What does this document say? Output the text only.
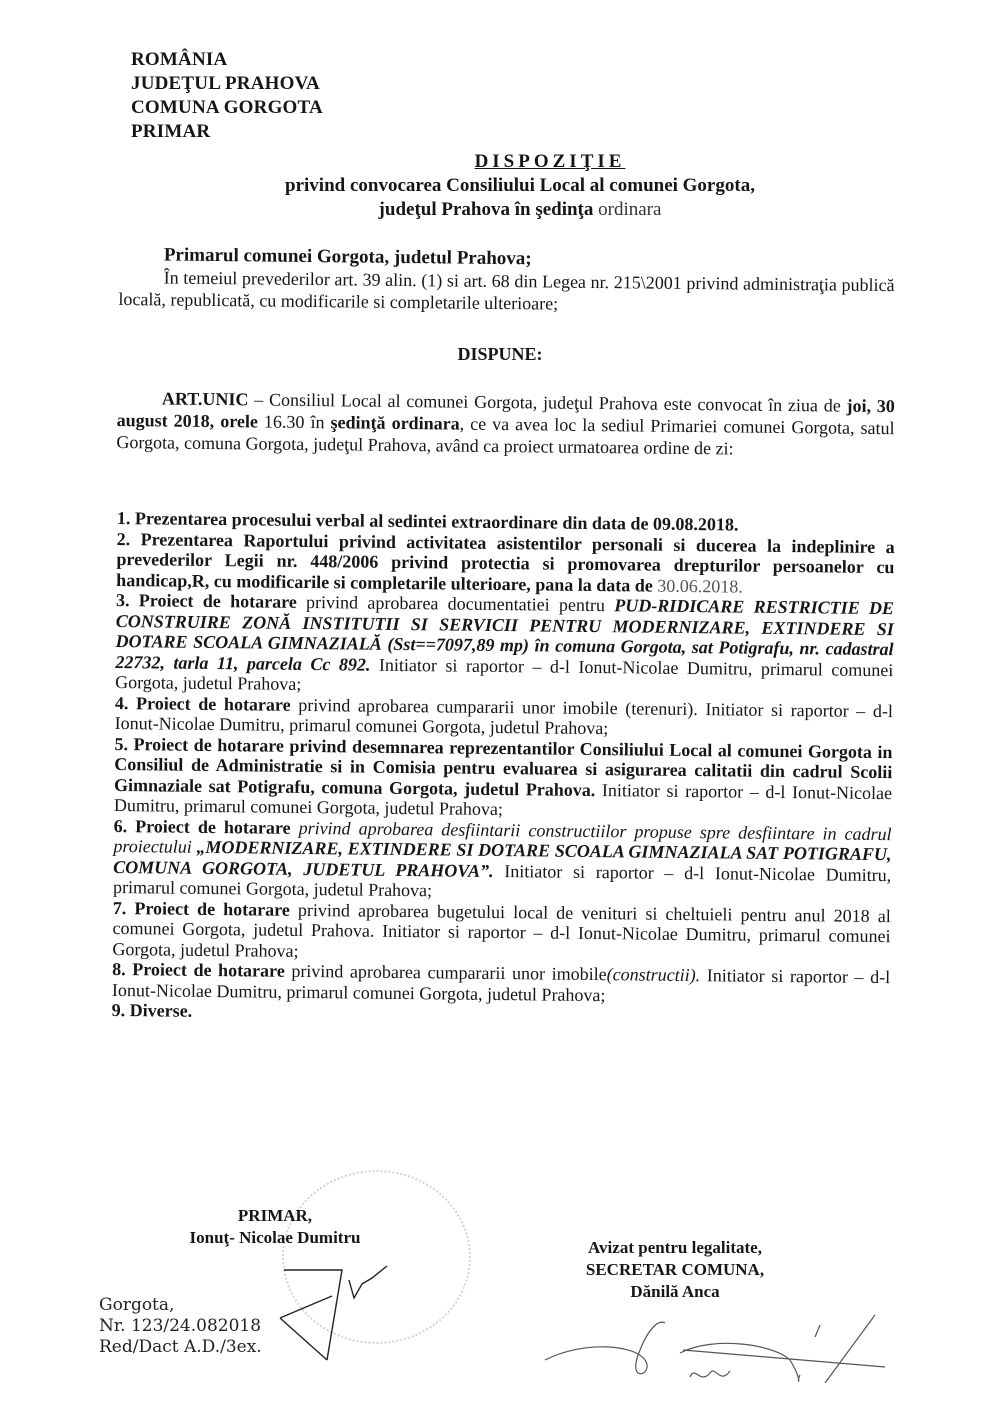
ROMÂNIA
JUDEŢUL PRAHOVA
COMUNA GORGOTA
PRIMAR
DISPOZIŢIE
privind convocarea Consiliului Local al comunei Gorgota,
judeţul Prahova în şedinţa ordinara

Primarul comunei Gorgota, judetul Prahova;

În temeiul prevederilor art. 39 alin. (1) si art. 68 din Legea nr. 215\2001 privind administraţia publică locală, republicată, cu modificarile si completarile ulterioare;

DISPUNE:

ART.UNIC – Consiliul Local al comunei Gorgota, judeţul Prahova este convocat în ziua de joi, 30 august 2018, orele 16.30 în şedinţă ordinara, ce va avea loc la sediul Primariei comunei Gorgota, satul Gorgota, comuna Gorgota, judeţul Prahova, având ca proiect urmatoarea ordine de zi:

1. Prezentarea procesului verbal al sedintei extraordinare din data de 09.08.2018.

2. Prezentarea Raportului privind activitatea asistentilor personali si ducerea la indeplinire a prevederilor Legii nr. 448/2006 privind protectia si promovarea drepturilor persoanelor cu handicap,R, cu modificarile si completarile ulterioare, pana la data de 30.06.2018.

3. Proiect de hotarare privind aprobarea documentatiei pentru PUD-RIDICARE RESTRICTIE DE CONSTRUIRE ZONĂ INSTITUTII SI SERVICII PENTRU MODERNIZARE, EXTINDERE SI DOTARE SCOALA GIMNAZIALĂ (Sst==7097,89 mp) în comuna Gorgota, sat Potigrafu, nr. cadastral 22732, tarla 11, parcela Cc 892. Initiator si raportor – d-l Ionut-Nicolae Dumitru, primarul comunei Gorgota, judetul Prahova;

4. Proiect de hotarare privind aprobarea cumpararii unor imobile (terenuri). Initiator si raportor – d-l Ionut-Nicolae Dumitru, primarul comunei Gorgota, judetul Prahova;

5. Proiect de hotarare privind desemnarea reprezentantilor Consiliului Local al comunei Gorgota in Consiliul de Administratie si in Comisia pentru evaluarea si asigurarea calitatii din cadrul Scolii Gimnaziale sat Potigrafu, comuna Gorgota, judetul Prahova. Initiator si raportor – d-l Ionut-Nicolae Dumitru, primarul comunei Gorgota, judetul Prahova;

6. Proiect de hotarare privind aprobarea desfiintarii constructiilor propuse spre desfiintare in cadrul proiectului „MODERNIZARE, EXTINDERE SI DOTARE SCOALA GIMNAZIALA SAT POTIGRAFU, COMUNA GORGOTA, JUDETUL PRAHOVA”. Initiator si raportor – d-l Ionut-Nicolae Dumitru, primarul comunei Gorgota, judetul Prahova;

7. Proiect de hotarare privind aprobarea bugetului local de venituri si cheltuieli pentru anul 2018 al comunei Gorgota, judetul Prahova. Initiator si raportor – d-l Ionut-Nicolae Dumitru, primarul comunei Gorgota, judetul Prahova;

8. Proiect de hotarare privind aprobarea cumpararii unor imobile(constructii). Initiator si raportor – d-l Ionut-Nicolae Dumitru, primarul comunei Gorgota, judetul Prahova;

9. Diverse.

PRIMAR,
Ionuţ- Nicolae Dumitru
Avizat pentru legalitate,
SECRETAR COMUNA,
Dănilă Anca
Gorgota,
Nr. 123/24.082018
Red/Dact A.D./3ex.
